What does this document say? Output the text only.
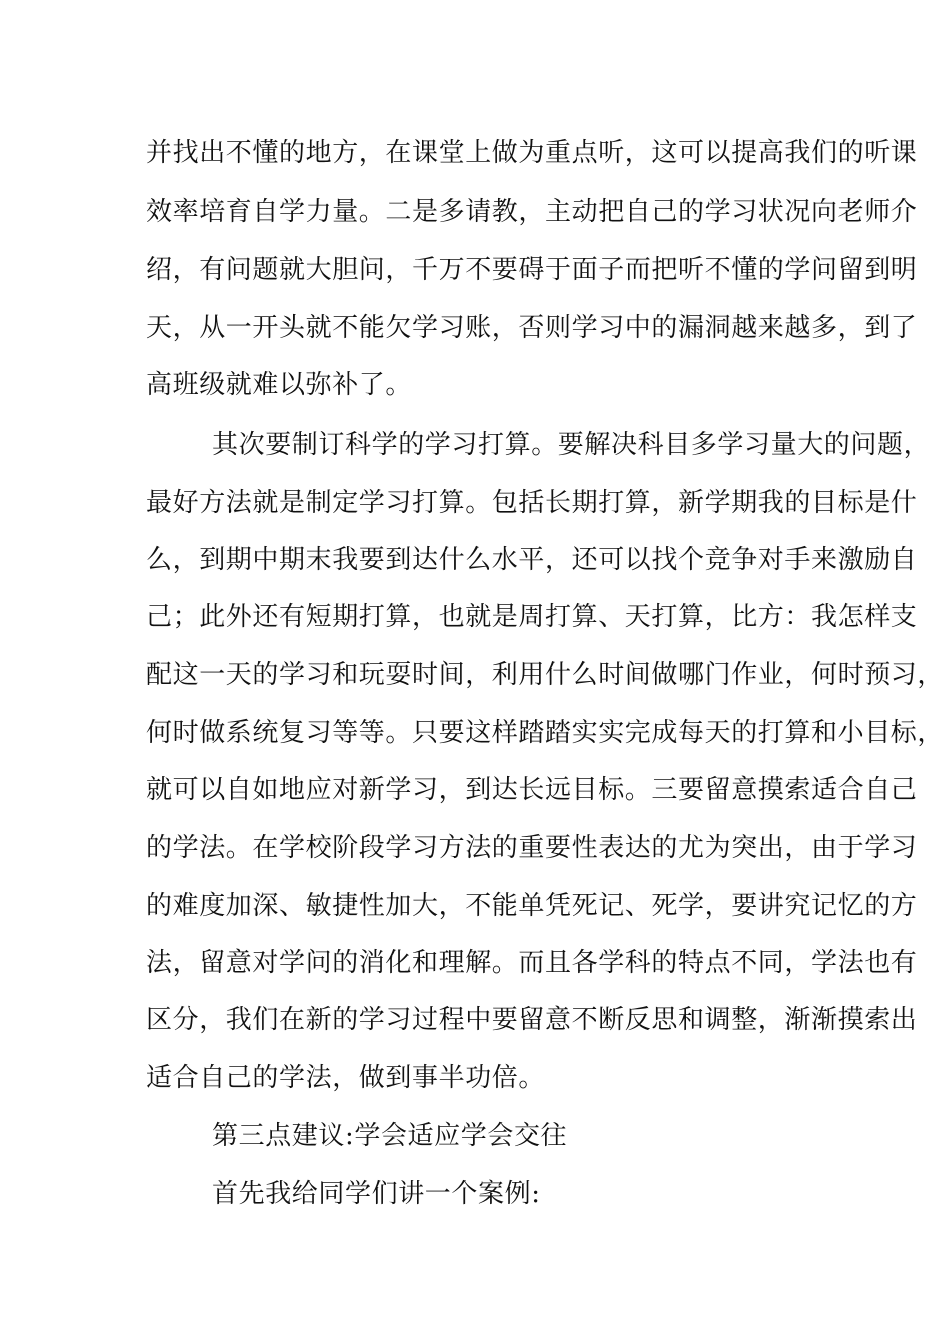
并找出不懂的地方，在课堂上做为重点听，这可以提高我们的听课
效率培育自学力量。二是多请教，主动把自己的学习状况向老师介
绍，有问题就大胆问，千万不要碍于面子而把听不懂的学问留到明
天，从一开头就不能欠学习账，否则学习中的漏洞越来越多，到了
高班级就难以弥补了。
其次要制订科学的学习打算。要解决科目多学习量大的问题，
最好方法就是制定学习打算。包括长期打算，新学期我的目标是什
么，到期中期末我要到达什么水平，还可以找个竞争对手来激励自
己；此外还有短期打算，也就是周打算、天打算，比方：我怎样支
配这一天的学习和玩耍时间，利用什么时间做哪门作业，何时预习，
何时做系统复习等等。只要这样踏踏实实完成每天的打算和小目标，
就可以自如地应对新学习，到达长远目标。三要留意摸索适合自己
的学法。在学校阶段学习方法的重要性表达的尤为突出，由于学习
的难度加深、敏捷性加大，不能单凭死记、死学，要讲究记忆的方
法，留意对学问的消化和理解。而且各学科的特点不同，学法也有
区分，我们在新的学习过程中要留意不断反思和调整，渐渐摸索出
适合自己的学法，做到事半功倍。
第三点建议:学会适应学会交往
首先我给同学们讲一个案例:
